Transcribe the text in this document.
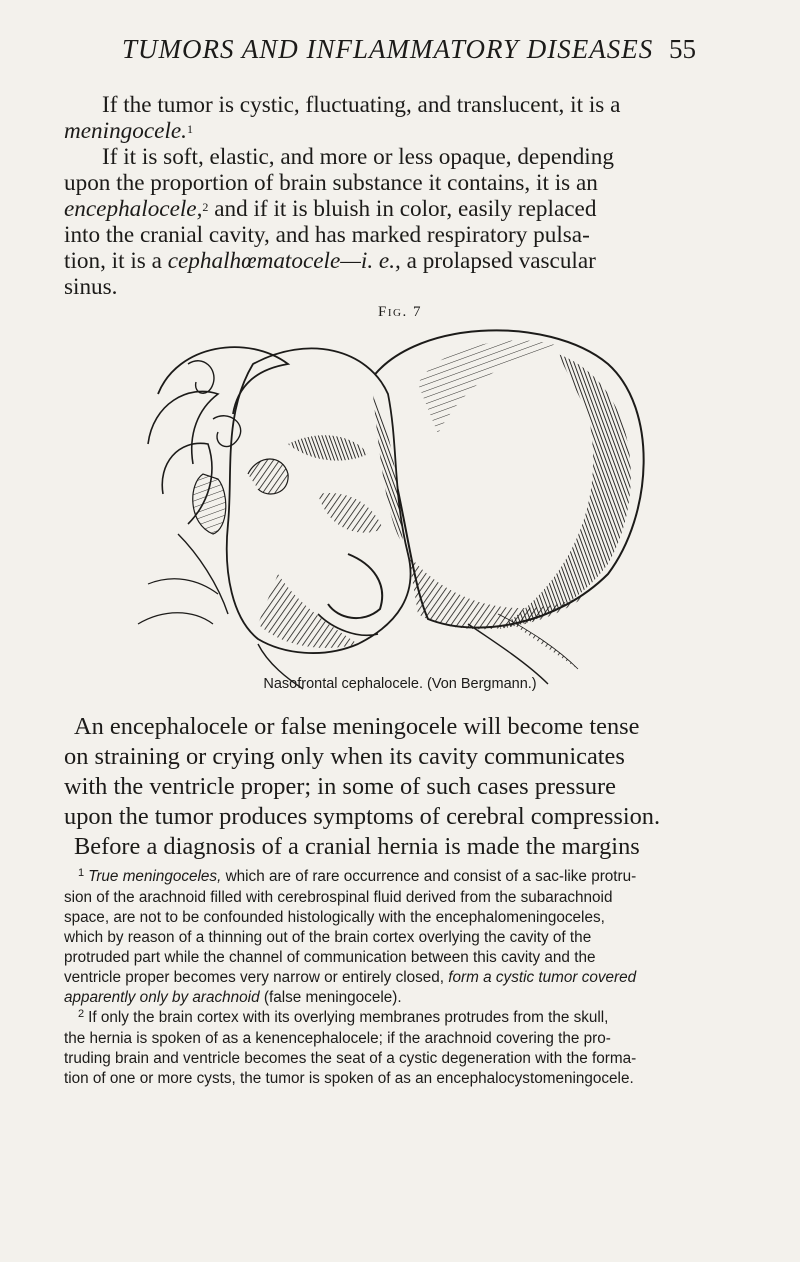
TUMORS AND INFLAMMATORY DISEASES 55

If the tumor is cystic, fluctuating, and translucent, it is a
meningocele.$^1$

If it is soft, elastic, and more or less opaque, depending
upon the proportion of brain substance it contains, it is an
encephalocele,$^2$ and if it is bluish in color, easily replaced
into the cranial cavity, and has marked respiratory pulsa-
tion, it is a cephalhœmatocele—i. e., a prolapsed vascular
sinus.

Fig. 7
Nasofrontal cephalocele. (Von Bergmann.)

An encephalocele or false meningocele will become tense
on straining or crying only when its cavity communicates
with the ventricle proper; in some of such cases pressure
upon the tumor produces symptoms of cerebral compression.
Before a diagnosis of a cranial hernia is made the margins

$^1$ True meningoceles, which are of rare occurrence and consist of a sac-like protru-
sion of the arachnoid filled with cerebrospinal fluid derived from the subarachnoid
space, are not to be confounded histologically with the encephalomeningoceles,
which by reason of a thinning out of the brain cortex overlying the cavity of the
protruded part while the channel of communication between this cavity and the
ventricle proper becomes very narrow or entirely closed, form a cystic tumor covered
apparently only by arachnoid (false meningocele).

$^2$ If only the brain cortex with its overlying membranes protrudes from the skull,
the hernia is spoken of as a kenencephalocele; if the arachnoid covering the pro-
truding brain and ventricle becomes the seat of a cystic degeneration with the forma-
tion of one or more cysts, the tumor is spoken of as an encephalocystomeningocele.
